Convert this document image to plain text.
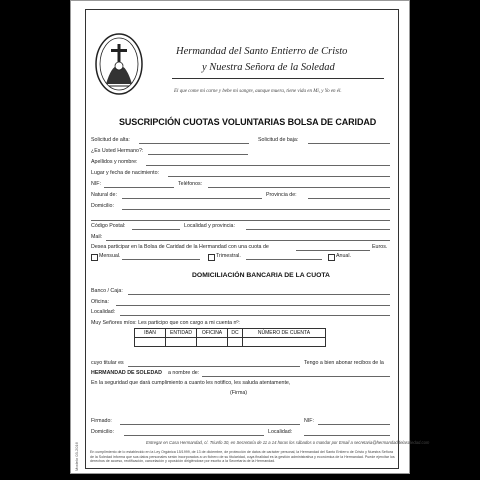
Hermandad del Santo Entierro de Cristo
y Nuestra Señora de la Soledad
El que come mi carne y bebe mi sangre, aunque muera, tiene vida en Mí, y Yo en él.
SUSCRIPCIÓN CUOTAS VOLUNTARIAS BOLSA DE CARIDAD
Solicitud de alta:	Solicitud de baja:
¿Es Usted Hermano?:
Apellidos y nombre:
Lugar y fecha de nacimiento:
NIF:	Teléfonos:
Natural de:	Provincia de:
Domicilio:
Código Postal:	Localidad y provincia:
Mail:
Desea participar en la Bolsa de Caridad de la Hermandad con una cuota de	Euros.
Mensual.	Trimestral.	Anual.
DOMICILIACIÓN BANCARIA DE LA CUOTA
Banco / Caja:
Oficina:
Localidad:
Muy Señores míos: Les participo que con cargo a mi cuenta nº:
IBAN	ENTIDAD	OFICINA	DC	NÚMERO DE CUENTA

cuyo titular es	Tengo a bien abonar recibos de la
HERMANDAD DE SOLEDAD a nombre de:
En la seguridad que dará cumplimiento a cuanto les notifico, les saluda atentamente,
(Firma)
Firmado:	NIF:
Domicilio:	Localidad:
Entregar en Casa Hermandad, c/. Triunfo 30, en Secretaría de 11 a 14 horas los sábados o mandar por Email a secretaria@hermandaddelasoledad.com
En cumplimiento de lo establecido en la Ley Orgánica 15/1999, de 13 de diciembre, de protección de datos de carácter personal, la Hermandad del Santo Entierro de Cristo y Nuestra Señora de la Soledad informa que sus datos personales serán incorporados a un fichero de su titularidad, cuya finalidad es la gestión administrativa y económica de la Hermandad. Puede ejercitar los derechos de acceso, rectificación, cancelación y oposición dirigiéndose por escrito a la Secretaría de la Hermandad.
Modelo 03-2016
